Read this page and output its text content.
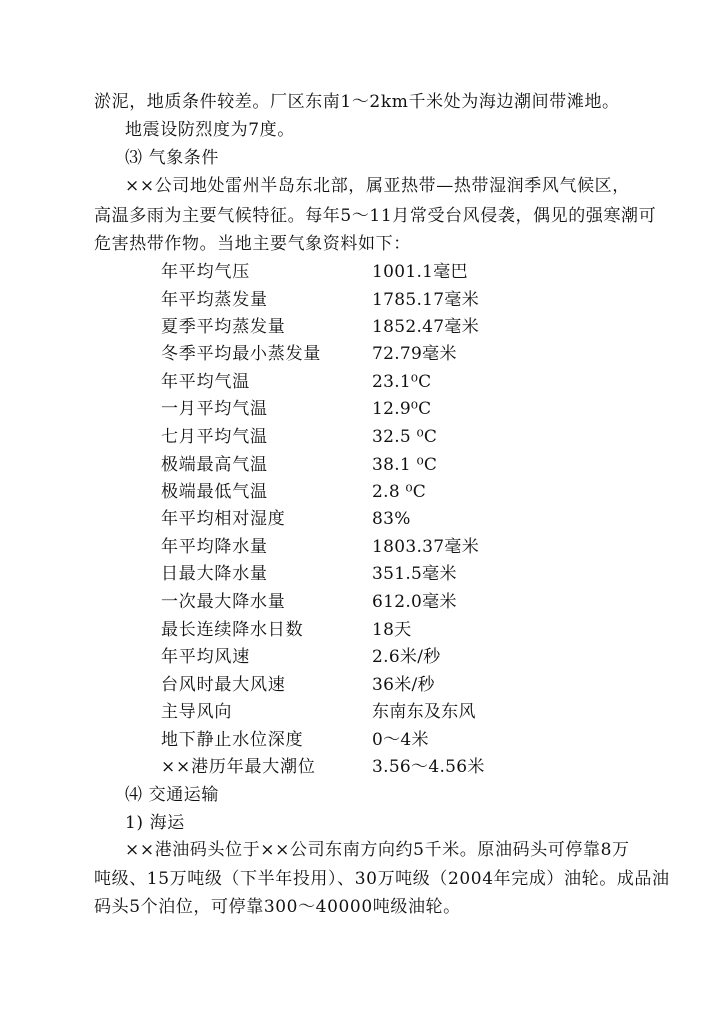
淤泥，地质条件较差。厂区东南1～2km千米处为海边潮间带滩地。
地震设防烈度为7度。
⑶ 气象条件
××公司地处雷州半岛东北部，属亚热带—热带湿润季风气候区，
高温多雨为主要气候特征。每年5～11月常受台风侵袭，偶见的强寒潮可
危害热带作物。当地主要气象资料如下：
年平均气压	1001.1毫巴
年平均蒸发量	1785.17毫米
夏季平均蒸发量	1852.47毫米
冬季平均最小蒸发量	72.79毫米
年平均气温	23.1⁰C
一月平均气温	12.9⁰C
七月平均气温	32.5 ⁰C
极端最高气温	38.1 ⁰C
极端最低气温	2.8 ⁰C
年平均相对湿度	83%
年平均降水量	1803.37毫米
日最大降水量	351.5毫米
一次最大降水量	612.0毫米
最长连续降水日数	18天
年平均风速	2.6米/秒
台风时最大风速	36米/秒
主导风向	东南东及东风
地下静止水位深度	0～4米
××港历年最大潮位	3.56～4.56米
⑷ 交通运输
1) 海运
××港油码头位于××公司东南方向约5千米。原油码头可停靠8万
吨级、15万吨级（下半年投用）、30万吨级（2004年完成）油轮。成品油
码头5个泊位，可停靠300～40000吨级油轮。
